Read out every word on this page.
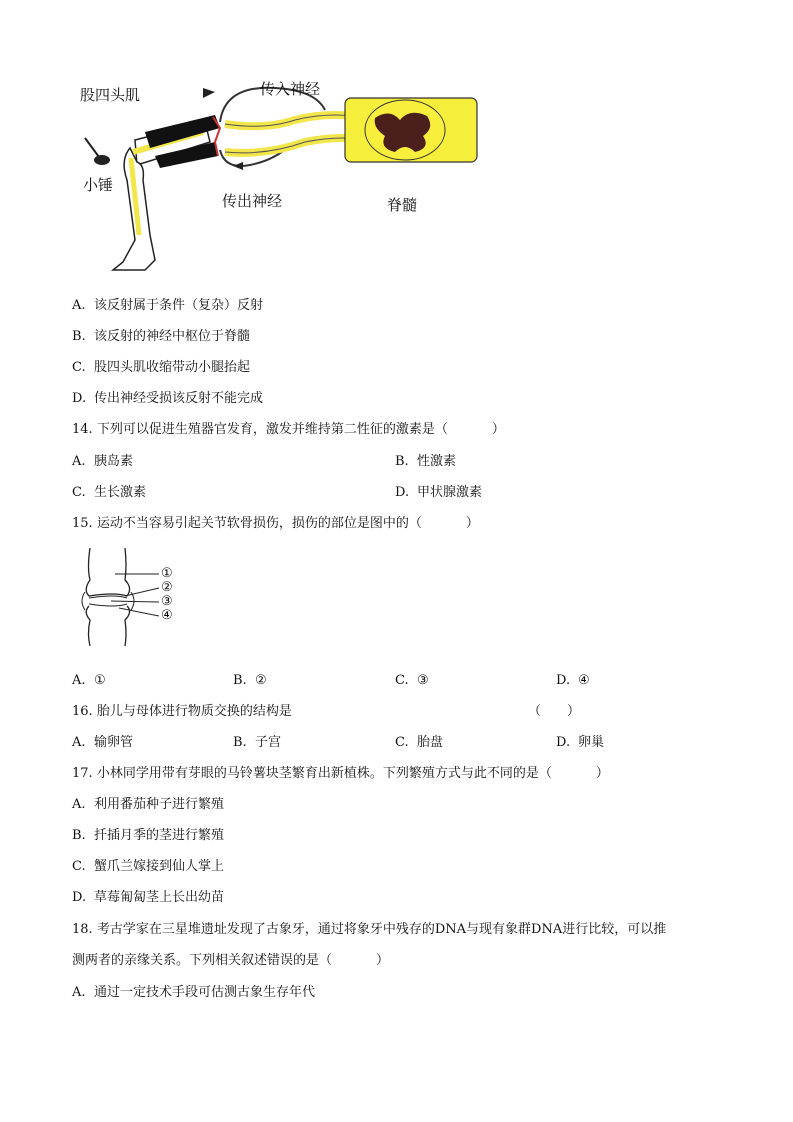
股四头肌	传入神经
小锤
传出神经	脊髓
A. 该反射属于条件（复杂）反射
B. 该反射的神经中枢位于脊髓
C. 股四头肌收缩带动小腿抬起
D. 传出神经受损该反射不能完成
14. 下列可以促进生殖器官发育，激发并维持第二性征的激素是（	）
A. 胰岛素	B. 性激素
C. 生长激素	D. 甲状腺激素
15. 运动不当容易引起关节软骨损伤，损伤的部位是图中的（	）
①
②
③
④
A. ①	B. ②	C. ③	D. ④
16. 胎儿与母体进行物质交换的结构是	（　　）
A. 输卵管	B. 子宫	C. 胎盘	D. 卵巢
17. 小林同学用带有芽眼的马铃薯块茎繁育出新植株。下列繁殖方式与此不同的是（	）
A. 利用番茄种子进行繁殖
B. 扦插月季的茎进行繁殖
C. 蟹爪兰嫁接到仙人掌上
D. 草莓匍匐茎上长出幼苗
18. 考古学家在三星堆遗址发现了古象牙，通过将象牙中残存的DNA与现有象群DNA进行比较，可以推
测两者的亲缘关系。下列相关叙述错误的是（	）
A. 通过一定技术手段可估测古象生存年代
